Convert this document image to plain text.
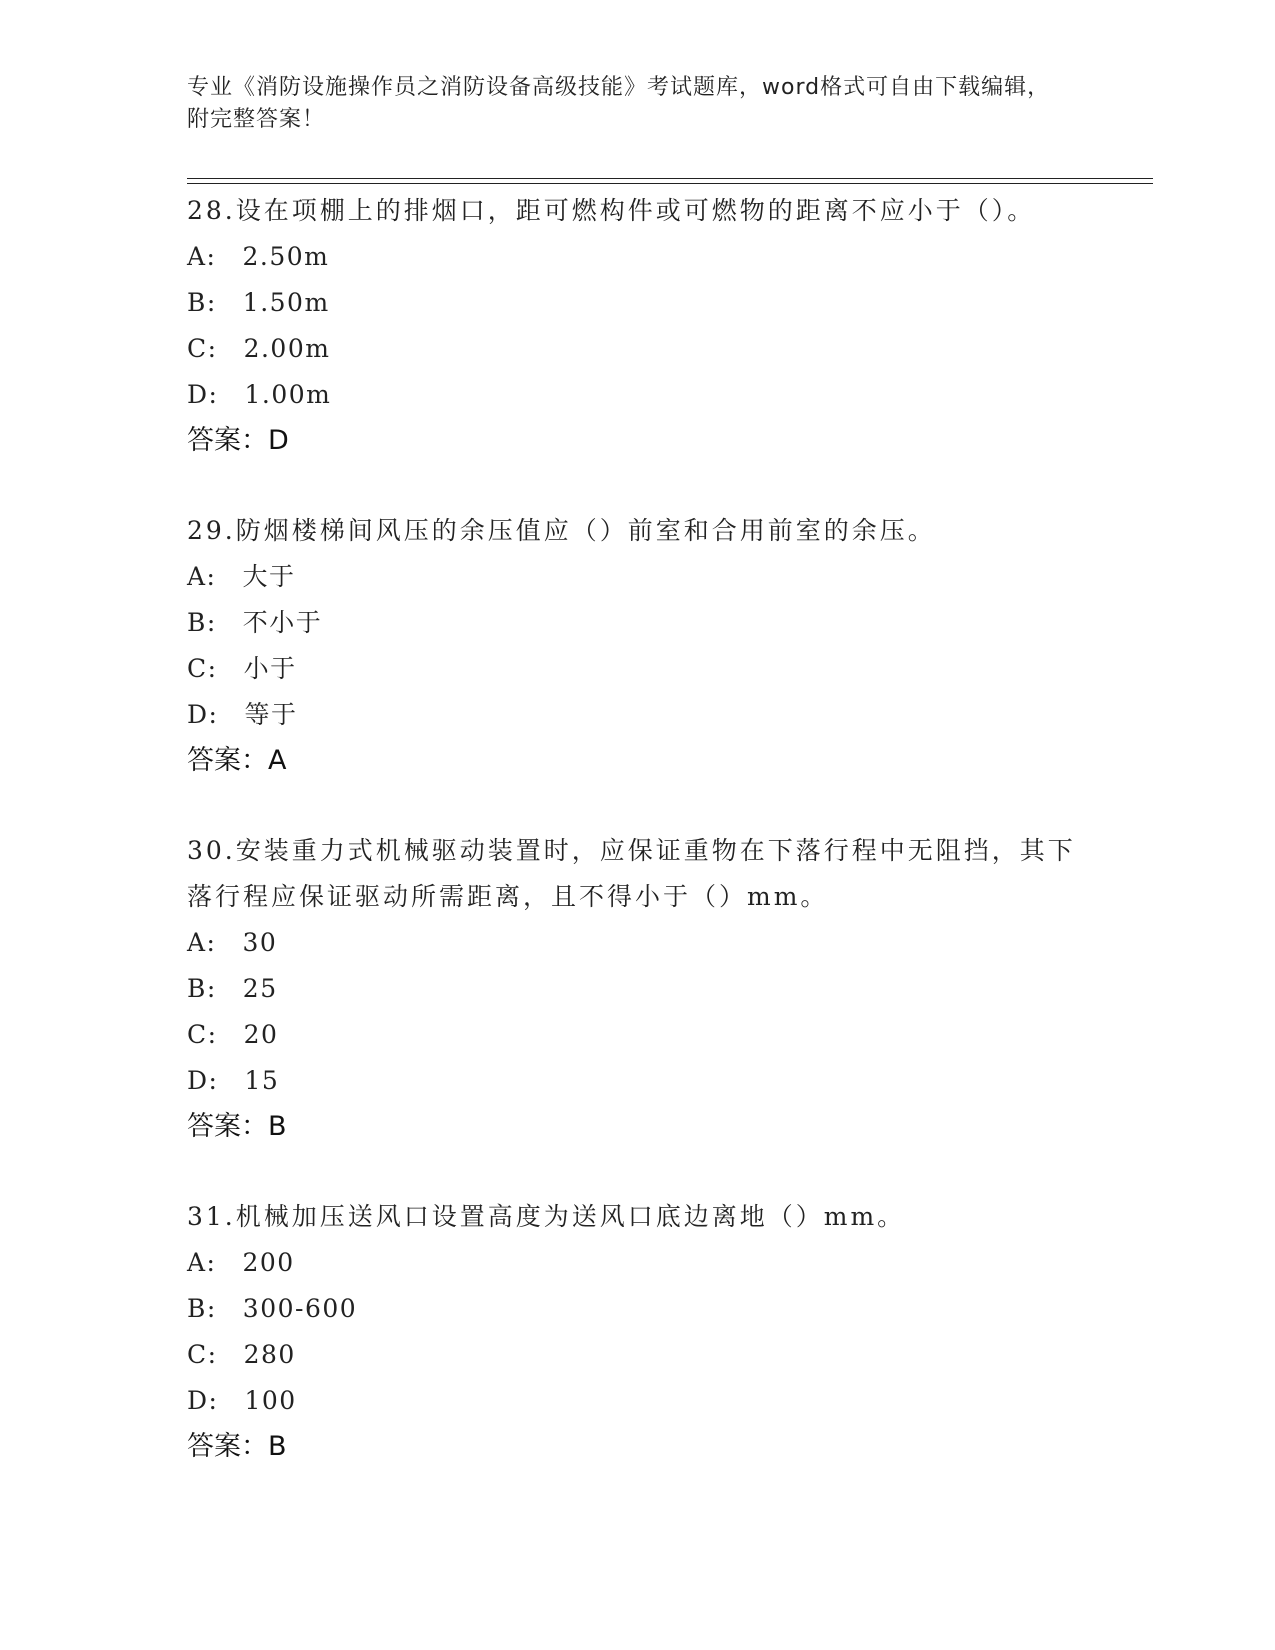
专业《消防设施操作员之消防设备高级技能》考试题库，word格式可自由下载编辑，附完整答案！

28.设在项棚上的排烟口，距可燃构件或可燃物的距离不应小于（）。

A: 2.50m

B: 1.50m

C: 2.00m

D: 1.00m

答案：D

29.防烟楼梯间风压的余压值应（）前室和合用前室的余压。

A: 大于

B: 不小于

C: 小于

D: 等于

答案：A

30.安装重力式机械驱动装置时，应保证重物在下落行程中无阻挡，其下落行程应保证驱动所需距离，且不得小于（）mm。

A: 30

B: 25

C: 20

D: 15

答案：B

31.机械加压送风口设置高度为送风口底边离地（）mm。

A: 200

B: 300-600

C: 280

D: 100

答案：B
